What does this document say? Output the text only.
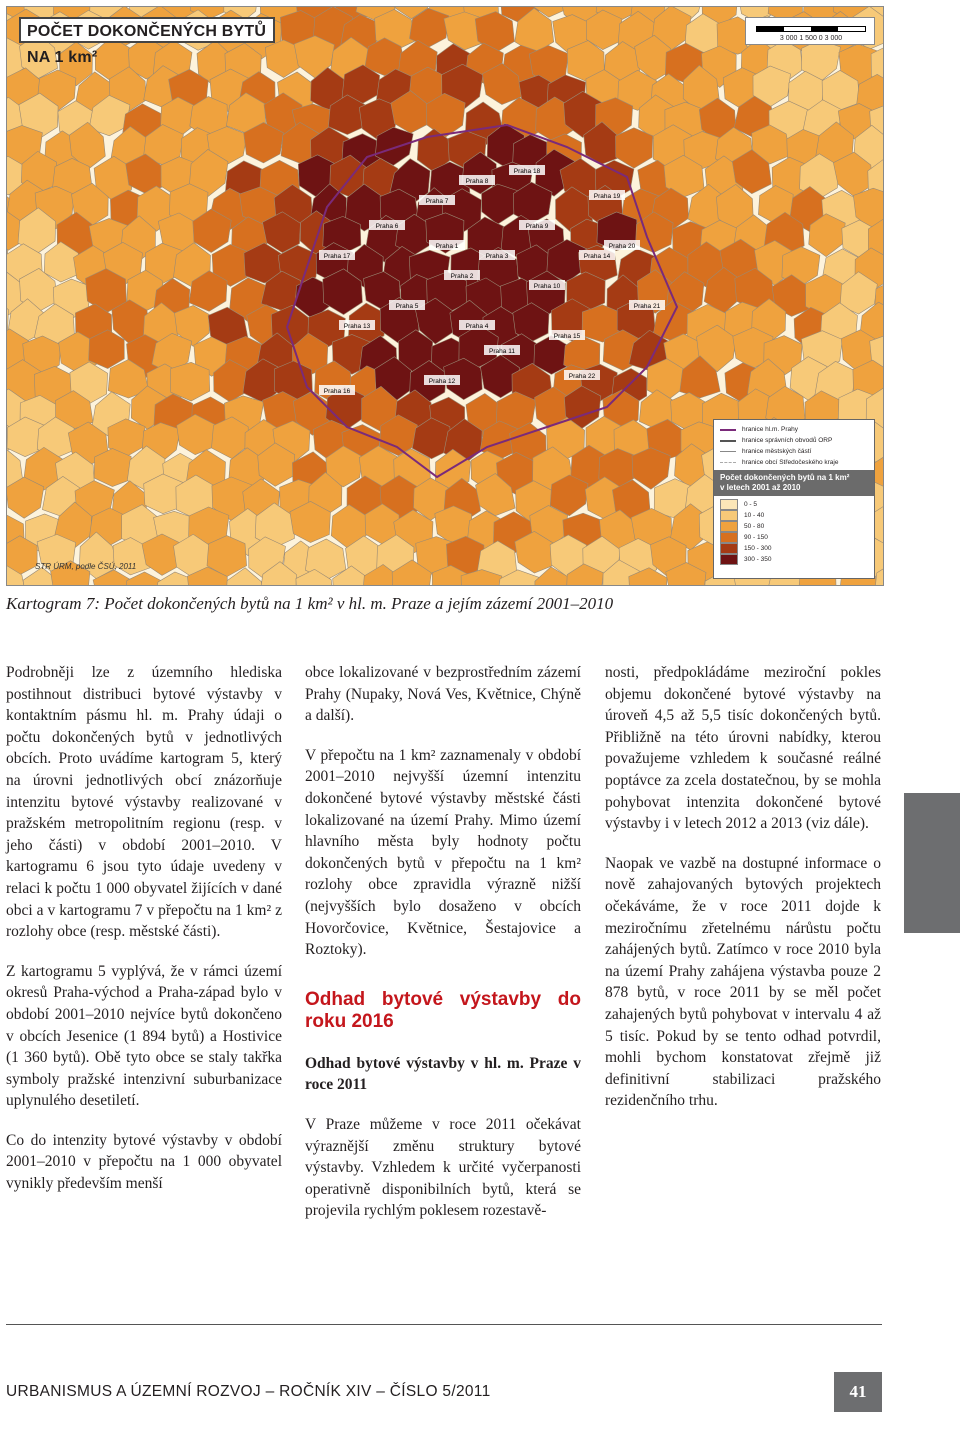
Praha 1
Praha 2
Praha 3
Praha 4
Praha 5
Praha 6
Praha 7
Praha 8
Praha 9
Praha 10
Praha 11
Praha 12
Praha 13
Praha 14
Praha 15
Praha 16
Praha 17
Praha 18
Praha 19
Praha 20
Praha 21
Praha 22
POČET DOKONČENÝCH BYTŮ NA 1 km²
3 000 1 500 0 3 000
STR ÚRM, podle ČSÚ, 2011
hranice hl.m. Prahy
hranice správních obvodů ORP
hranice městských částí
hranice obcí Středočeského kraje
Počet dokončených bytů na 1 km²
v letech 2001 až 2010
0 - 5
10 - 40
50 - 80
90 - 150
150 - 300
300 - 350
Kartogram 7: Počet dokončených bytů na 1 km² v hl. m. Praze a jejím zázemí 2001–2010

Podrobněji lze z územního hlediska postihnout distribuci bytové výstavby v kontaktním pásmu hl. m. Prahy údaji o počtu dokončených bytů v jednotlivých obcích. Proto uvádíme kartogram 5, který na úrovni jednotlivých obcí znázorňuje intenzitu bytové výstavby realizované v pražském metropolitním regionu (resp. v jeho části) v období 2001–2010. V kartogramu 6 jsou tyto údaje uvedeny v relaci k počtu 1 000 obyvatel žijících v dané obci a v kartogramu 7 v přepočtu na 1 km² z rozlohy obce (resp. městské části).

Z kartogramu 5 vyplývá, že v rámci území okresů Praha-východ a Praha-západ bylo v období 2001–2010 nejvíce bytů dokončeno v obcích Jesenice (1 894 bytů) a Hostivice (1 360 bytů). Obě tyto obce se staly takřka symboly pražské intenzivní suburbanizace uplynulého desetiletí.

Co do intenzity bytové výstavby v období 2001–2010 v přepočtu na 1 000 obyvatel vynikly především menší

obce lokalizované v bezprostředním zázemí Prahy (Nupaky, Nová Ves, Květnice, Chýně a další).

V přepočtu na 1 km² zaznamenaly v období 2001–2010 nejvyšší územní intenzitu dokončené bytové výstavby městské části lokalizované na území Prahy. Mimo území hlavního města byly hodnoty počtu dokončených bytů v přepočtu na 1 km² rozlohy obce zpravidla výrazně nižší (nejvyšších bylo dosaženo v obcích Hovorčovice, Květnice, Šestajovice a Roztoky).

Odhad bytové výstavby do roku 2016
Odhad bytové výstavby v hl. m. Praze v roce 2011

V Praze můžeme v roce 2011 očekávat výraznější změnu struktury bytové výstavby. Vzhledem k určité vyčerpanosti operativně disponibilních bytů, která se projevila rychlým poklesem rozestavě-

nosti, předpokládáme meziroční pokles objemu dokončené bytové výstavby na úroveň 4,5 až 5,5 tisíc dokončených bytů. Přibližně na této úrovni nabídky, kterou považujeme vzhledem k současné reálné poptávce za zcela dostatečnou, by se mohla pohybovat intenzita dokončené bytové výstavby i v letech 2012 a 2013 (viz dále).

Naopak ve vazbě na dostupné informace o nově zahajovaných bytových projektech očekáváme, že v roce 2011 dojde k meziročnímu zřetelnému nárůstu počtu zahájených bytů. Zatímco v roce 2010 byla na území Prahy zahájena výstavba pouze 2 878 bytů, v roce 2011 by se měl počet zahajených bytů pohybovat v intervalu 4 až 5 tisíc. Pokud by se tento odhad potvrdil, mohli bychom konstatovat zřejmě již definitivní stabilizaci pražského rezidenčního trhu.

URBANISMUS A ÚZEMNÍ ROZVOJ – ROČNÍK XIV – ČÍSLO 5/2011	41
